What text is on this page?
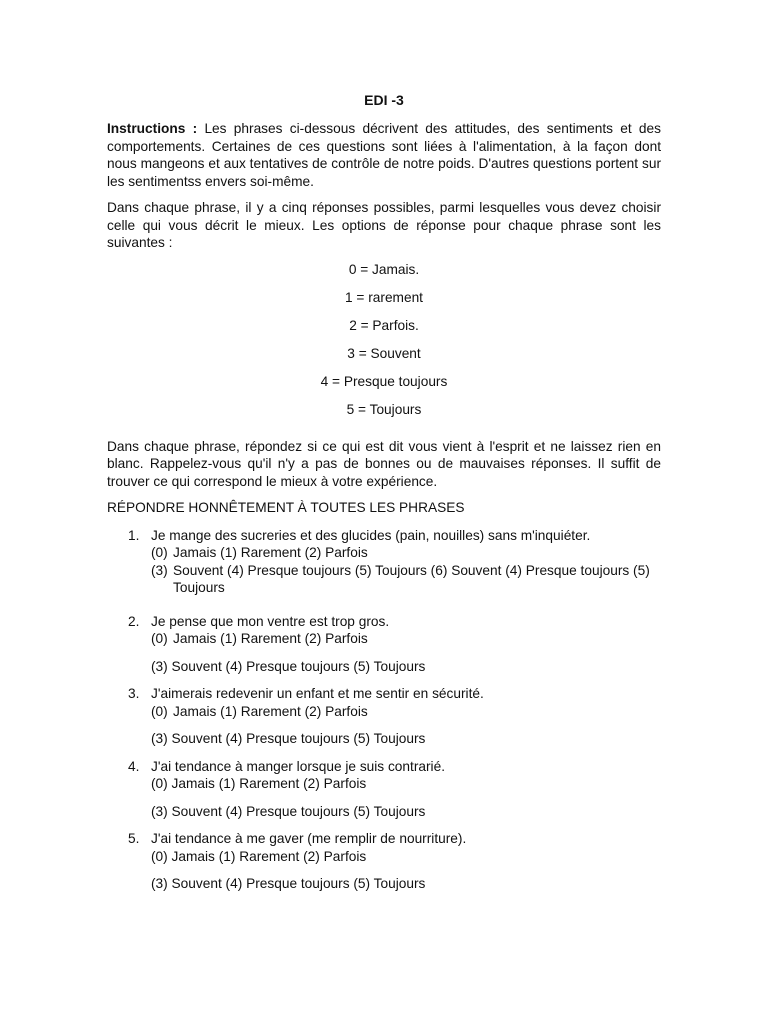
EDI -3

Instructions : Les phrases ci-dessous décrivent des attitudes, des sentiments et des comportements. Certaines de ces questions sont liées à l'alimentation, à la façon dont nous mangeons et aux tentatives de contrôle de notre poids. D'autres questions portent sur les sentimentss envers soi-même.

Dans chaque phrase, il y a cinq réponses possibles, parmi lesquelles vous devez choisir celle qui vous décrit le mieux. Les options de réponse pour chaque phrase sont les suivantes :

0 = Jamais.
1 = rarement
2 = Parfois.
3 = Souvent
4 = Presque toujours
5 = Toujours

Dans chaque phrase, répondez si ce qui est dit vous vient à l'esprit et ne laissez rien en blanc. Rappelez-vous qu'il n'y a pas de bonnes ou de mauvaises réponses. Il suffit de trouver ce qui correspond le mieux à votre expérience.

RÉPONDRE HONNÊTEMENT À TOUTES LES PHRASES
1. Je mange des sucreries et des glucides (pain, nouilles) sans m'inquiéter.
(0) Jamais (1) Rarement (2) Parfois
(3) Souvent (4) Presque toujours (5) Toujours (6) Souvent (4) Presque toujours (5) Toujours
2. Je pense que mon ventre est trop gros.
(0) Jamais (1) Rarement (2) Parfois
(3) Souvent (4) Presque toujours (5) Toujours
3. J'aimerais redevenir un enfant et me sentir en sécurité.
(0) Jamais (1) Rarement (2) Parfois
(3) Souvent (4) Presque toujours (5) Toujours
4. J'ai tendance à manger lorsque je suis contrarié.
(0) Jamais (1) Rarement (2) Parfois
(3) Souvent (4) Presque toujours (5) Toujours
5. J'ai tendance à me gaver (me remplir de nourriture).
(0) Jamais (1) Rarement (2) Parfois
(3) Souvent (4) Presque toujours (5) Toujours
